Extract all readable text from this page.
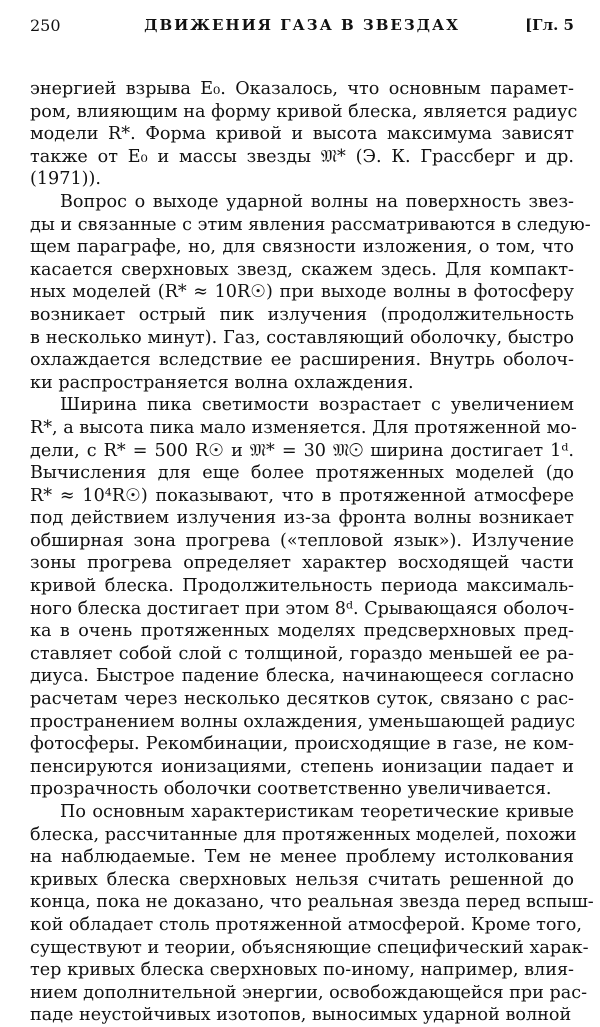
250	ДВИЖЕНИЯ ГАЗА В ЗВЕЗДАХ	[Гл. 5

энергией взрыва E₀. Оказалось, что основным парамет-
ром, влияющим на форму кривой блеска, является радиус
модели R*. Форма кривой и высота максимума зависят
также от E₀ и массы звезды 𝔐* (Э. К. Грассберг и др.
(1971)).

Вопрос о выходе ударной волны на поверхность звез-
ды и связанные с этим явления рассматриваются в следую-
щем параграфе, но, для связности изложения, о том, что
касается сверхновых звезд, скажем здесь. Для компакт-
ных моделей (R* ≈ 10R☉) при выходе волны в фотосферу
возникает острый пик излучения (продолжительность
в несколько минут). Газ, составляющий оболочку, быстро
охлаждается вследствие ее расширения. Внутрь оболоч-
ки распространяется волна охлаждения.

Ширина пика светимости возрастает с увеличением
R*, а высота пика мало изменяется. Для протяженной мо-
дели, с R* = 500 R☉ и 𝔐* = 30 𝔐☉ ширина достигает 1ᵈ.
Вычисления для еще более протяженных моделей (до
R* ≈ 10⁴R☉) показывают, что в протяженной атмосфере
под действием излучения из-за фронта волны возникает
обширная зона прогрева («тепловой язык»). Излучение
зоны прогрева определяет характер восходящей части
кривой блеска. Продолжительность периода максималь-
ного блеска достигает при этом 8ᵈ. Срывающаяся оболоч-
ка в очень протяженных моделях предсверхновых пред-
ставляет собой слой с толщиной, гораздо меньшей ее ра-
диуса. Быстрое падение блеска, начинающееся согласно
расчетам через несколько десятков суток, связано с рас-
пространением волны охлаждения, уменьшающей радиус
фотосферы. Рекомбинации, происходящие в газе, не ком-
пенсируются ионизациями, степень ионизации падает и
прозрачность оболочки соответственно увеличивается.

По основным характеристикам теоретические кривые
блеска, рассчитанные для протяженных моделей, похожи
на наблюдаемые. Тем не менее проблему истолкования
кривых блеска сверхновых нельзя считать решенной до
конца, пока не доказано, что реальная звезда перед вспыш-
кой обладает столь протяженной атмосферой. Кроме того,
существуют и теории, объясняющие специфический харак-
тер кривых блеска сверхновых по-иному, например, влия-
нием дополнительной энергии, освобождающейся при рас-
паде неустойчивых изотопов, выносимых ударной волной
